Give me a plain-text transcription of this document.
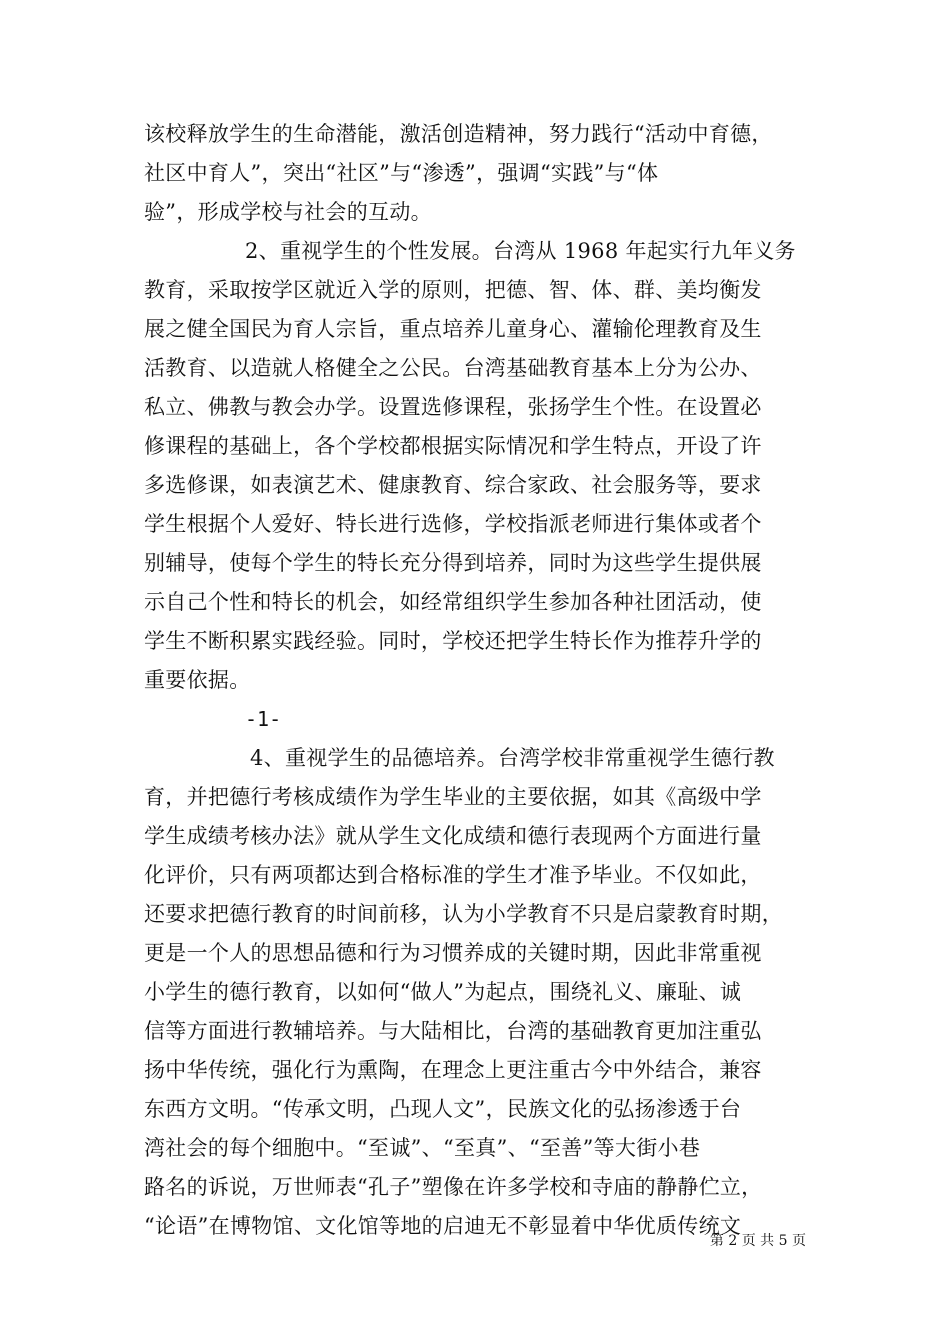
该校释放学生的生命潜能，激活创造精神，努力践行“活动中育德，
社区中育人”，突出“社区”与“渗透”，强调“实践”与“体
验”，形成学校与社会的互动。
2、重视学生的个性发展。台湾从 1968 年起实行九年义务
教育，采取按学区就近入学的原则，把德、智、体、群、美均衡发
展之健全国民为育人宗旨，重点培养儿童身心、灌输伦理教育及生
活教育、以造就人格健全之公民。台湾基础教育基本上分为公办、
私立、佛教与教会办学。设置选修课程，张扬学生个性。在设置必
修课程的基础上，各个学校都根据实际情况和学生特点，开设了许
多选修课，如表演艺术、健康教育、综合家政、社会服务等，要求
学生根据个人爱好、特长进行选修，学校指派老师进行集体或者个
别辅导，使每个学生的特长充分得到培养，同时为这些学生提供展
示自己个性和特长的机会，如经常组织学生参加各种社团活动，使
学生不断积累实践经验。同时，学校还把学生特长作为推荐升学的
重要依据。
-1-
4、重视学生的品德培养。台湾学校非常重视学生德行教
育，并把德行考核成绩作为学生毕业的主要依据，如其《高级中学
学生成绩考核办法》就从学生文化成绩和德行表现两个方面进行量
化评价，只有两项都达到合格标准的学生才准予毕业。不仅如此，
还要求把德行教育的时间前移，认为小学教育不只是启蒙教育时期，
更是一个人的思想品德和行为习惯养成的关键时期，因此非常重视
小学生的德行教育，以如何“做人”为起点，围绕礼义、廉耻、诚
信等方面进行教辅培养。与大陆相比，台湾的基础教育更加注重弘
扬中华传统，强化行为熏陶，在理念上更注重古今中外结合，兼容
东西方文明。“传承文明，凸现人文”，民族文化的弘扬渗透于台
湾社会的每个细胞中。“至诚”、“至真”、“至善”等大街小巷
路名的诉说，万世师表“孔子”塑像在许多学校和寺庙的静静伫立，
“论语”在博物馆、文化馆等地的启迪无不彰显着中华优质传统文
第 2 页 共 5 页
